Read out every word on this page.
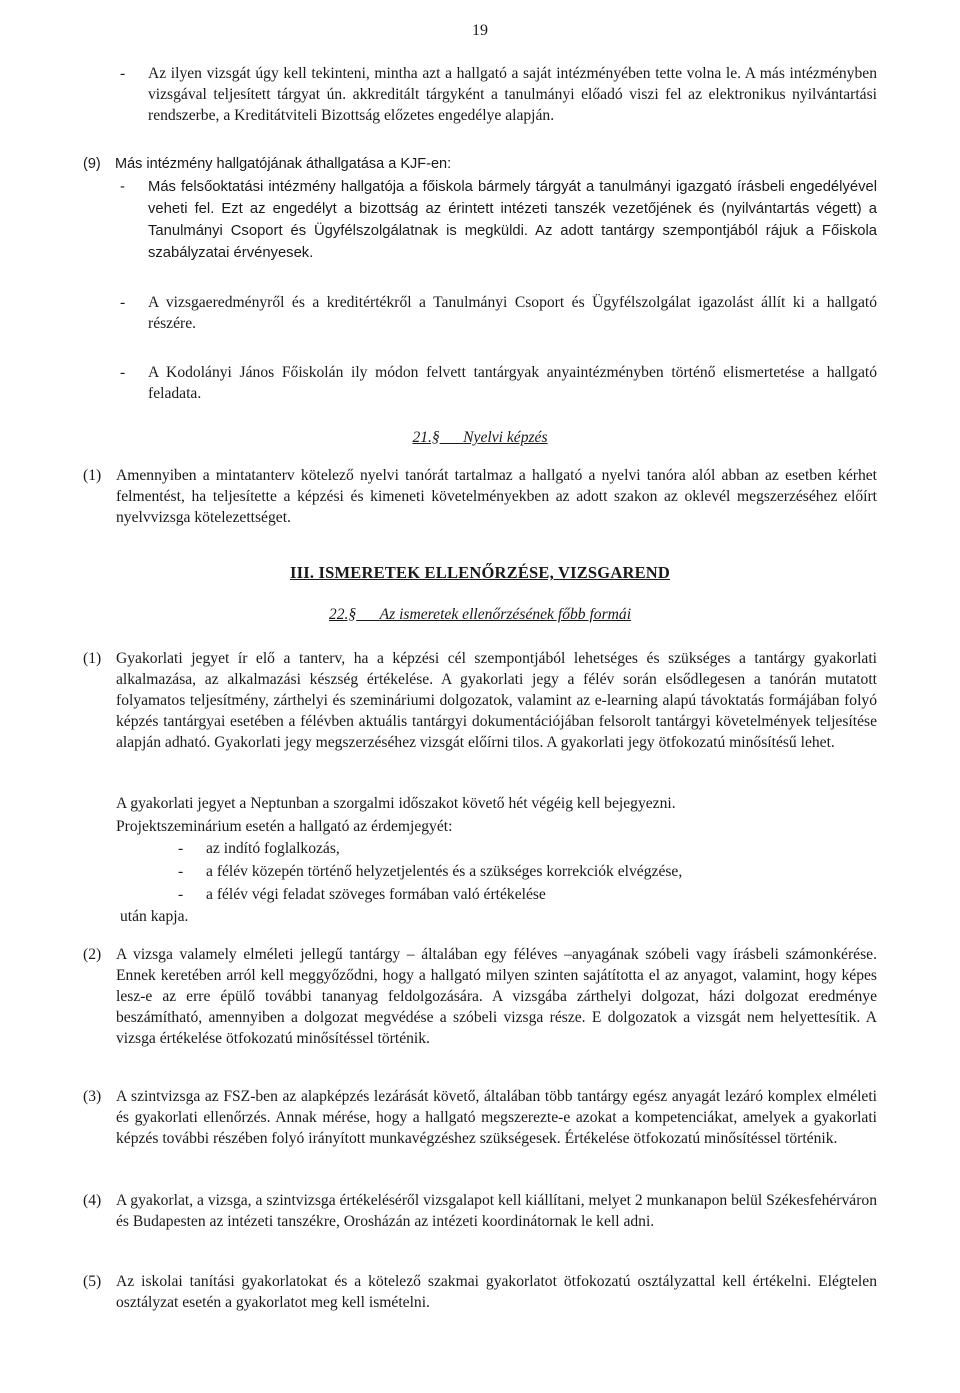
19
-	Az ilyen vizsgát úgy kell tekinteni, mintha azt a hallgató a saját intézményében tette volna le. A más intézményben vizsgával teljesített tárgyat ún. akkreditált tárgyként a tanulmányi előadó viszi fel az elektronikus nyilvántartási rendszerbe, a Kreditátviteli Bizottság előzetes engedélye alapján.
(9) Más intézmény hallgatójának áthallgatása a KJF-en:
-	Más felsőoktatási intézmény hallgatója a főiskola bármely tárgyát a tanulmányi igazgató írásbeli engedélyével veheti fel. Ezt az engedélyt a bizottság az érintett intézeti tanszék vezetőjének és (nyilvántartás végett) a Tanulmányi Csoport és Ügyfélszolgálatnak is megküldi. Az adott tantárgy szempontjából rájuk a Főiskola szabályzatai érvényesek.
-	A vizsgaeredményről és a kreditértékről a Tanulmányi Csoport és Ügyfélszolgálat igazolást állít ki a hallgató részére.
-	A Kodolányi János Főiskolán ily módon felvett tantárgyak anyaintézményben történő elismertetése a hallgató feladata.
21.§ Nyelvi képzés
(1) Amennyiben a mintatanterv kötelező nyelvi tanórát tartalmaz a hallgató a nyelvi tanóra alól abban az esetben kérhet felmentést, ha teljesítette a képzési és kimeneti követelményekben az adott szakon az oklevél megszerzéséhez előírt nyelvvizsga kötelezettséget.
III. ISMERETEK ELLENŐRZÉSE, VIZSGAREND
22.§ Az ismeretek ellenőrzésének főbb formái
(1) Gyakorlati jegyet ír elő a tanterv, ha a képzési cél szempontjából lehetséges és szükséges a tantárgy gyakorlati alkalmazása, az alkalmazási készség értékelése. A gyakorlati jegy a félév során elsődlegesen a tanórán mutatott folyamatos teljesítmény, zárthelyi és szemináriumi dolgozatok, valamint az e-learning alapú távoktatás formájában folyó képzés tantárgyai esetében a félévben aktuális tantárgyi dokumentációjában felsorolt tantárgyi követelmények teljesítése alapján adható. Gyakorlati jegy megszerzéséhez vizsgát előírni tilos. A gyakorlati jegy ötfokozatú minősítésű lehet.
A gyakorlati jegyet a Neptunban a szorgalmi időszakot követő hét végéig kell bejegyezni.
Projektszeminárium esetén a hallgató az érdemjegyét:
-	az indító foglalkozás,
-	a félév közepén történő helyzetjelentés és a szükséges korrekciók elvégzése,
-	a félév végi feladat szöveges formában való értékelése
után kapja.
(2) A vizsga valamely elméleti jellegű tantárgy – általában egy féléves –anyagának szóbeli vagy írásbeli számonkérése. Ennek keretében arról kell meggyőződni, hogy a hallgató milyen szinten sajátította el az anyagot, valamint, hogy képes lesz-e az erre épülő további tananyag feldolgozására. A vizsgába zárthelyi dolgozat, házi dolgozat eredménye beszámítható, amennyiben a dolgozat megvédése a szóbeli vizsga része. E dolgozatok a vizsgát nem helyettesítik. A vizsga értékelése ötfokozatú minősítéssel történik.
(3) A szintvizsga az FSZ-ben az alapképzés lezárását követő, általában több tantárgy egész anyagát lezáró komplex elméleti és gyakorlati ellenőrzés. Annak mérése, hogy a hallgató megszerezte-e azokat a kompetenciákat, amelyek a gyakorlati képzés további részében folyó irányított munkavégzéshez szükségesek. Értékelése ötfokozatú minősítéssel történik.
(4) A gyakorlat, a vizsga, a szintvizsga értékeléséről vizsgalapot kell kiállítani, melyet 2 munkanapon belül Székesfehérváron és Budapesten az intézeti tanszékre, Orosházán az intézeti koordinátornak le kell adni.
(5) Az iskolai tanítási gyakorlatokat és a kötelező szakmai gyakorlatot ötfokozatú osztályzattal kell értékelni. Elégtelen osztályzat esetén a gyakorlatot meg kell ismételni.
